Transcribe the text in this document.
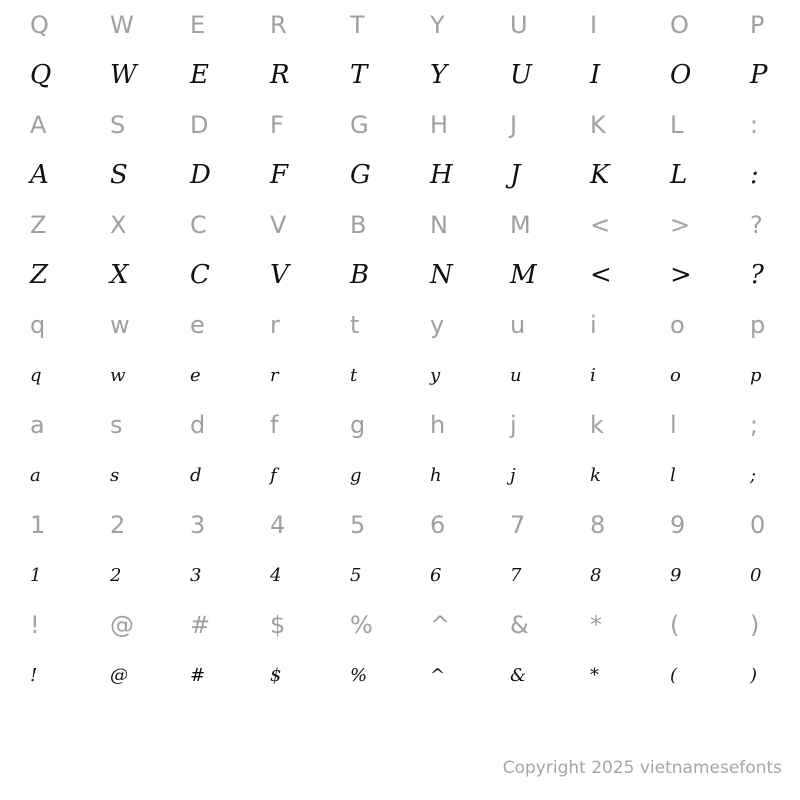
Q	W	E	R	T	Y	U	I	O	P
Q	W	E	R	T	Y	U	I	O	P
A	S	D	F	G	H	J	K	L	:
A	S	D	F	G	H	J	K	L	:
Z	X	C	V	B	N	M	<	>	?
Z	X	C	V	B	N	M	<	>	?
q	w	e	r	t	y	u	i	o	p
q	w	e	r	t	y	u	i	o	p
a	s	d	f	g	h	j	k	l	;
a	s	d	f	g	h	j	k	l	;
1	2	3	4	5	6	7	8	9	0
1	2	3	4	5	6	7	8	9	0
!	@	#	$	%	^	&	*	(	)
!	@	#	$	%	^	&	*	(	)
Copyright 2025 vietnamesefonts
